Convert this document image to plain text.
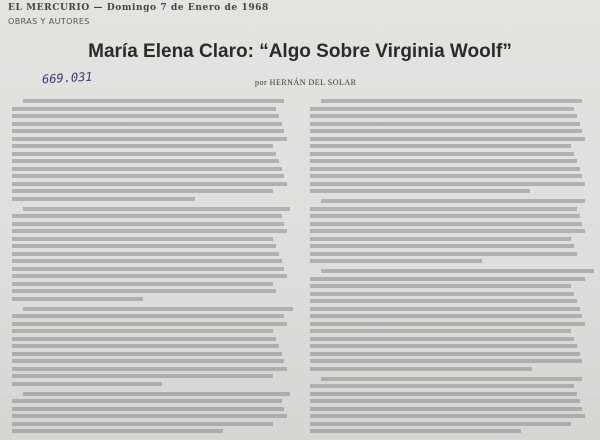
EL MERCURIO — Domingo 7 de Enero de 1968
OBRAS Y AUTORES
María Elena Claro: “Algo Sobre Virginia Woolf”
669.031	por HERNÁN DEL SOLAR
